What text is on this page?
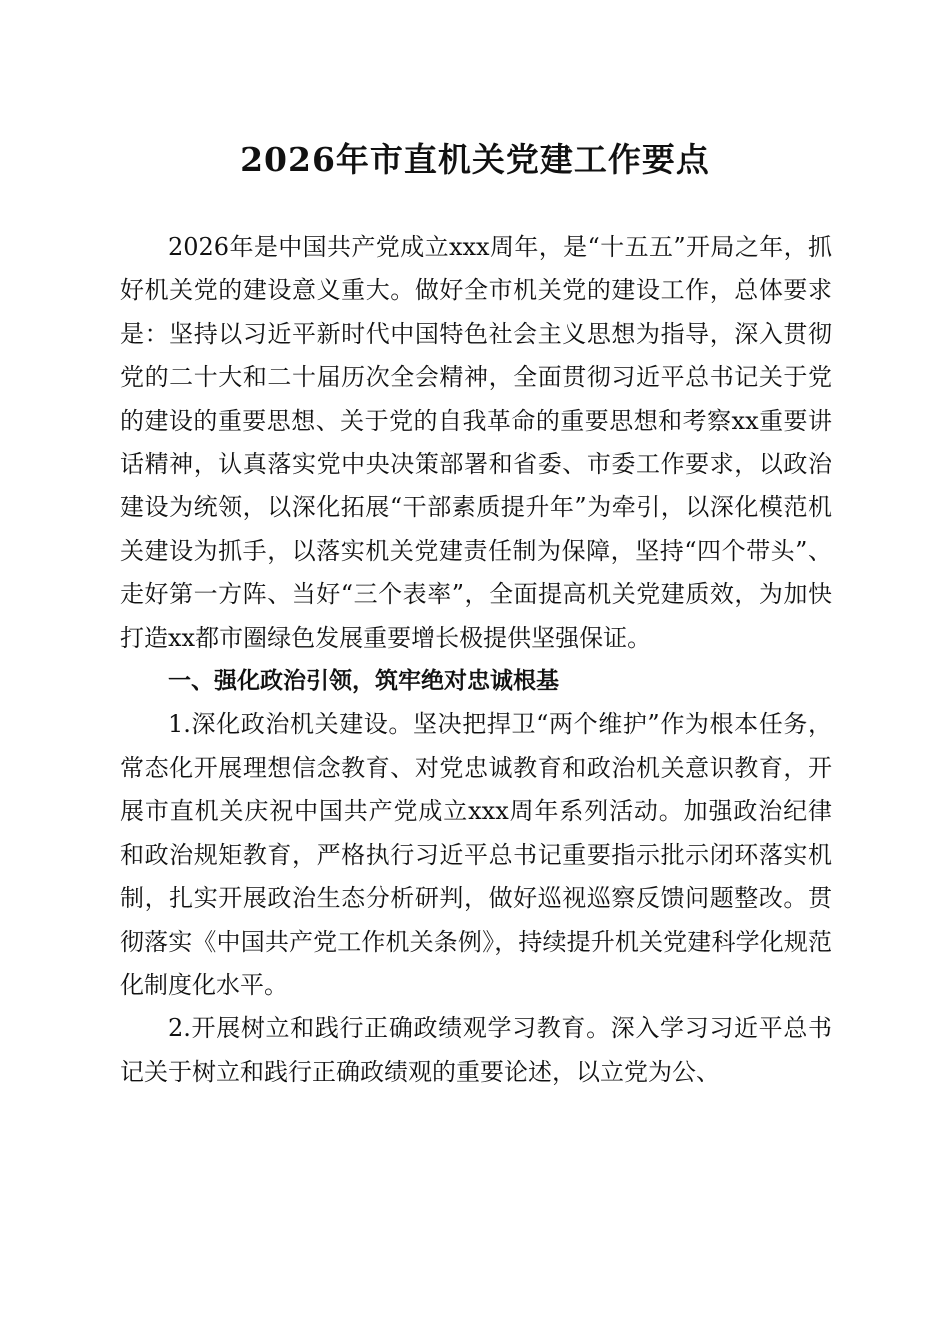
2026年市直机关党建工作要点

2026年是中国共产党成立xxx周年，是“十五五”开局之年，抓好机关党的建设意义重大。做好全市机关党的建设工作，总体要求是：坚持以习近平新时代中国特色社会主义思想为指导，深入贯彻党的二十大和二十届历次全会精神，全面贯彻习近平总书记关于党的建设的重要思想、关于党的自我革命的重要思想和考察xx重要讲话精神，认真落实党中央决策部署和省委、市委工作要求，以政治建设为统领，以深化拓展“干部素质提升年”为牵引，以深化模范机关建设为抓手，以落实机关党建责任制为保障，坚持“四个带头”、走好第一方阵、当好“三个表率”，全面提高机关党建质效，为加快打造xx都市圈绿色发展重要增长极提供坚强保证。

一、强化政治引领，筑牢绝对忠诚根基

1.深化政治机关建设。坚决把捍卫“两个维护”作为根本任务，常态化开展理想信念教育、对党忠诚教育和政治机关意识教育，开展市直机关庆祝中国共产党成立xxx周年系列活动。加强政治纪律和政治规矩教育，严格执行习近平总书记重要指示批示闭环落实机制，扎实开展政治生态分析研判，做好巡视巡察反馈问题整改。贯彻落实《中国共产党工作机关条例》，持续提升机关党建科学化规范化制度化水平。

2.开展树立和践行正确政绩观学习教育。深入学习习近平总书记关于树立和践行正确政绩观的重要论述，以立党为公、
